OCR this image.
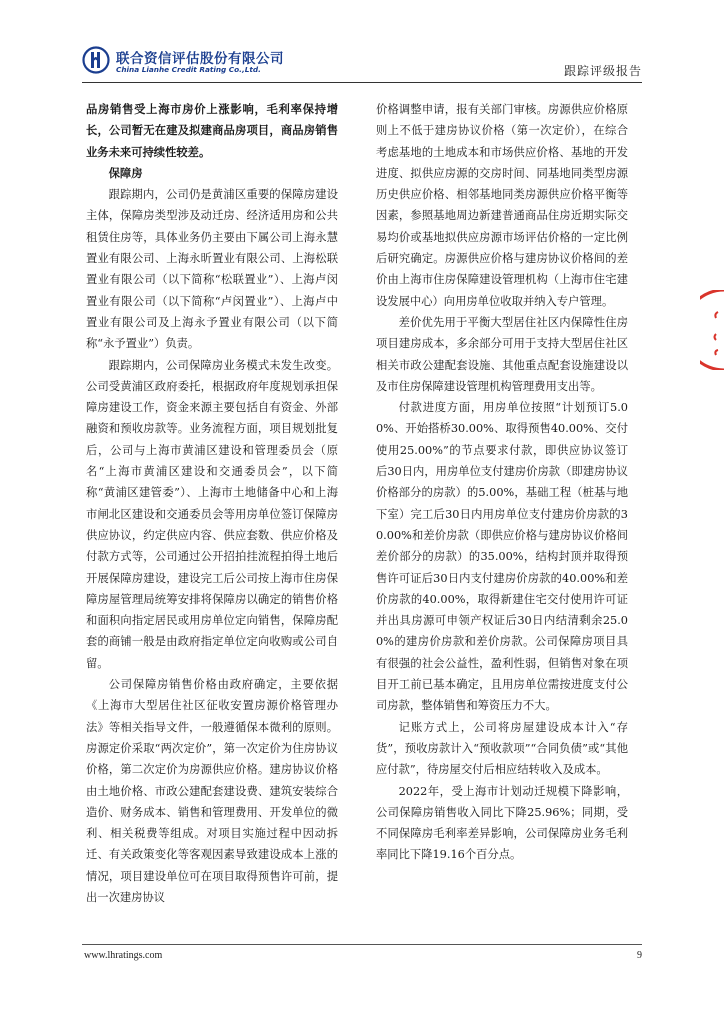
联合资信评估股份有限公司
China Lianhe Credit Rating Co.,Ltd.	跟踪评级报告

品房销售受上海市房价上涨影响，毛利率保持增长，公司暂无在建及拟建商品房项目，商品房销售业务未来可持续性较差。

保障房

跟踪期内，公司仍是黄浦区重要的保障房建设主体，保障房类型涉及动迁房、经济适用房和公共租赁住房等，具体业务仍主要由下属公司上海永慧置业有限公司、上海永昕置业有限公司、上海松联置业有限公司（以下简称“松联置业”）、上海卢闵置业有限公司（以下简称“卢闵置业”）、上海卢中置业有限公司及上海永予置业有限公司（以下简称“永予置业”）负责。

跟踪期内，公司保障房业务模式未发生改变。公司受黄浦区政府委托，根据政府年度规划承担保障房建设工作，资金来源主要包括自有资金、外部融资和预收房款等。业务流程方面，项目规划批复后，公司与上海市黄浦区建设和管理委员会（原名“上海市黄浦区建设和交通委员会”，以下简称“黄浦区建管委”）、上海市土地储备中心和上海市闸北区建设和交通委员会等用房单位签订保障房供应协议，约定供应内容、供应套数、供应价格及付款方式等，公司通过公开招拍挂流程拍得土地后开展保障房建设，建设完工后公司按上海市住房保障房屋管理局统筹安排将保障房以确定的销售价格和面积向指定居民或用房单位定向销售，保障房配套的商铺一般是由政府指定单位定向收购或公司自留。

公司保障房销售价格由政府确定，主要依据《上海市大型居住社区征收安置房源价格管理办法》等相关指导文件，一般遵循保本微利的原则。房源定价采取“两次定价”，第一次定价为住房协议价格，第二次定价为房源供应价格。建房协议价格由土地价格、市政公建配套建设费、建筑安装综合造价、财务成本、销售和管理费用、开发单位的微利、相关税费等组成。对项目实施过程中因动拆迁、有关政策变化等客观因素导致建设成本上涨的情况，项目建设单位可在项目取得预售许可前，提出一次建房协议

价格调整申请，报有关部门审核。房源供应价格原则上不低于建房协议价格（第一次定价），在综合考虑基地的土地成本和市场供应价格、基地的开发进度、拟供应房源的交房时间、同基地同类型房源历史供应价格、相邻基地同类房源供应价格平衡等因素，参照基地周边新建普通商品住房近期实际交易均价或基地拟供应房源市场评估价格的一定比例后研究确定。房源供应价格与建房协议价格间的差价由上海市住房保障建设管理机构（上海市住宅建设发展中心）向用房单位收取并纳入专户管理。

差价优先用于平衡大型居住社区内保障性住房项目建房成本，多余部分可用于支持大型居住社区相关市政公建配套设施、其他重点配套设施建设以及市住房保障建设管理机构管理费用支出等。

付款进度方面，用房单位按照“计划预订5.00%、开始搭桥30.00%、取得预售40.00%、交付使用25.00%”的节点要求付款，即供应协议签订后30日内，用房单位支付建房价房款（即建房协议价格部分的房款）的5.00%，基础工程（桩基与地下室）完工后30日内用房单位支付建房价房款的30.00%和差价房款（即供应价格与建房协议价格间差价部分的房款）的35.00%，结构封顶并取得预售许可证后30日内支付建房价房款的40.00%和差价房款的40.00%，取得新建住宅交付使用许可证并出具房源可申领产权证后30日内结清剩余25.00%的建房价房款和差价房款。公司保障房项目具有很强的社会公益性，盈利性弱，但销售对象在项目开工前已基本确定，且用房单位需按进度支付公司房款，整体销售和筹资压力不大。

记账方式上，公司将房屋建设成本计入“存货”，预收房款计入“预收款项”“合同负债”或“其他应付款”，待房屋交付后相应结转收入及成本。

2022年，受上海市计划动迁规模下降影响，公司保障房销售收入同比下降25.96%；同期，受不同保障房毛利率差异影响，公司保障房业务毛利率同比下降19.16个百分点。

www.lhratings.com	9
